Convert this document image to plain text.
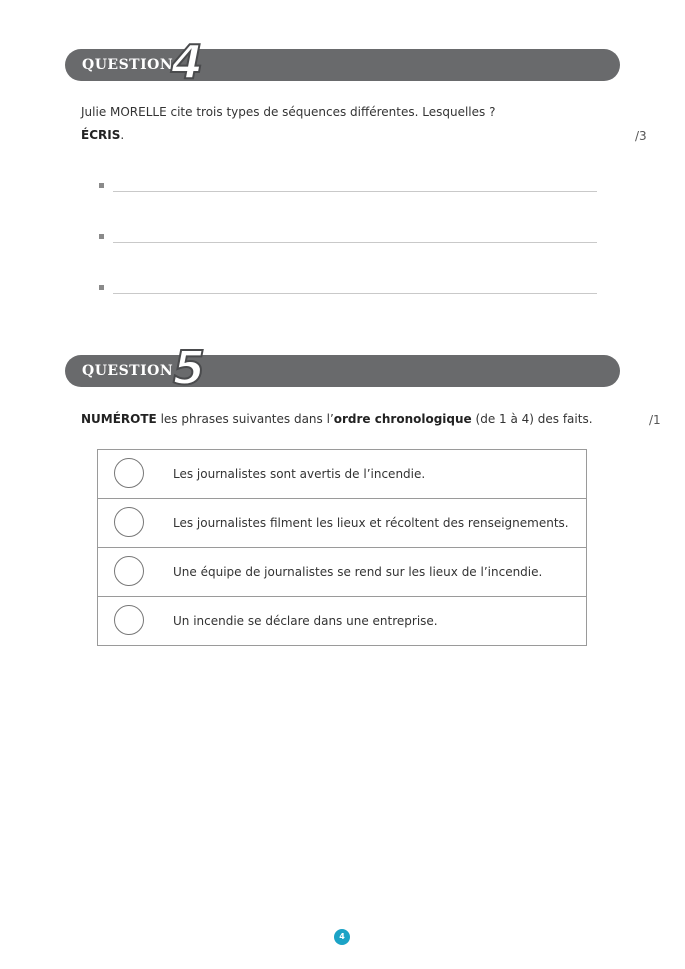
QUESTION
4
Julie MORELLE cite trois types de séquences différentes. Lesquelles ?
ÉCRIS.	/3
QUESTION 5
NUMÉROTE les phrases suivantes dans l’ordre chronologique (de 1 à 4) des faits.	/1
Les journalistes sont avertis de l’incendie.
Les journalistes filment les lieux et récoltent des renseignements.
Une équipe de journalistes se rend sur les lieux de l’incendie.
Un incendie se déclare dans une entreprise.
4
